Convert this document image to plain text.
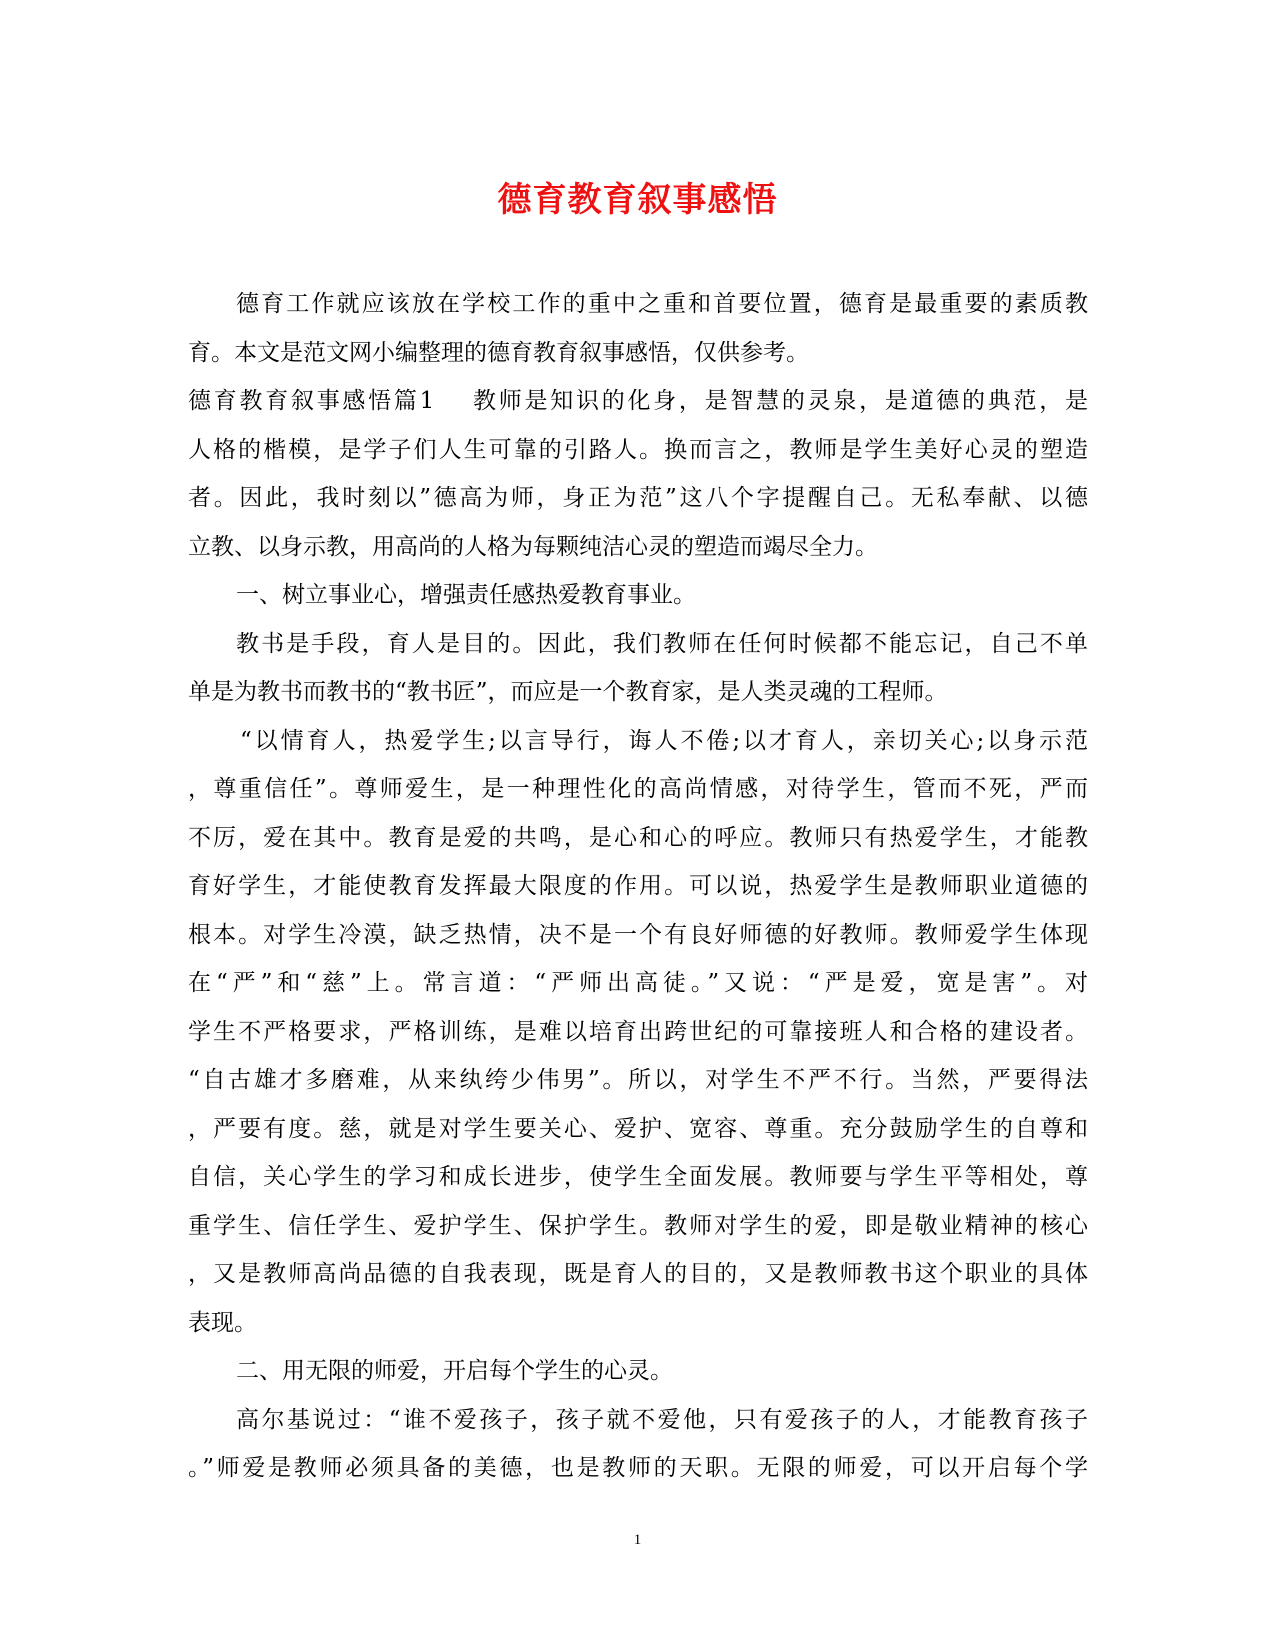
德育教育叙事感悟
德育工作就应该放在学校工作的重中之重和首要位置，德育是最重要的素质教
育。本文是范文网小编整理的德育教育叙事感悟，仅供参考。
德育教育叙事感悟篇1 教师是知识的化身，是智慧的灵泉，是道德的典范，是
人格的楷模，是学子们人生可靠的引路人。换而言之，教师是学生美好心灵的塑造
者。因此，我时刻以”德高为师，身正为范”这八个字提醒自己。无私奉献、以德
立教、以身示教，用高尚的人格为每颗纯洁心灵的塑造而竭尽全力。
一、树立事业心，增强责任感热爱教育事业。
教书是手段，育人是目的。因此，我们教师在任何时候都不能忘记，自己不单
单是为教书而教书的“教书匠”，而应是一个教育家，是人类灵魂的工程师。
“以情育人，热爱学生;以言导行，诲人不倦;以才育人，亲切关心;以身示范
，尊重信任”。尊师爱生，是一种理性化的高尚情感，对待学生，管而不死，严而
不厉，爱在其中。教育是爱的共鸣，是心和心的呼应。教师只有热爱学生，才能教
育好学生，才能使教育发挥最大限度的作用。可以说，热爱学生是教师职业道德的
根本。对学生冷漠，缺乏热情，决不是一个有良好师德的好教师。教师爱学生体现
在“严”和“慈”上。常言道：“严师出高徒。”又说：“严是爱，宽是害”。对
学生不严格要求，严格训练，是难以培育出跨世纪的可靠接班人和合格的建设者。
“自古雄才多磨难，从来纨绔少伟男”。所以，对学生不严不行。当然，严要得法
，严要有度。慈，就是对学生要关心、爱护、宽容、尊重。充分鼓励学生的自尊和
自信，关心学生的学习和成长进步，使学生全面发展。教师要与学生平等相处，尊
重学生、信任学生、爱护学生、保护学生。教师对学生的爱，即是敬业精神的核心
，又是教师高尚品德的自我表现，既是育人的目的，又是教师教书这个职业的具体
表现。
二、用无限的师爱，开启每个学生的心灵。
高尔基说过：“谁不爱孩子，孩子就不爱他，只有爱孩子的人，才能教育孩子
。”师爱是教师必须具备的美德，也是教师的天职。无限的师爱，可以开启每个学
1
